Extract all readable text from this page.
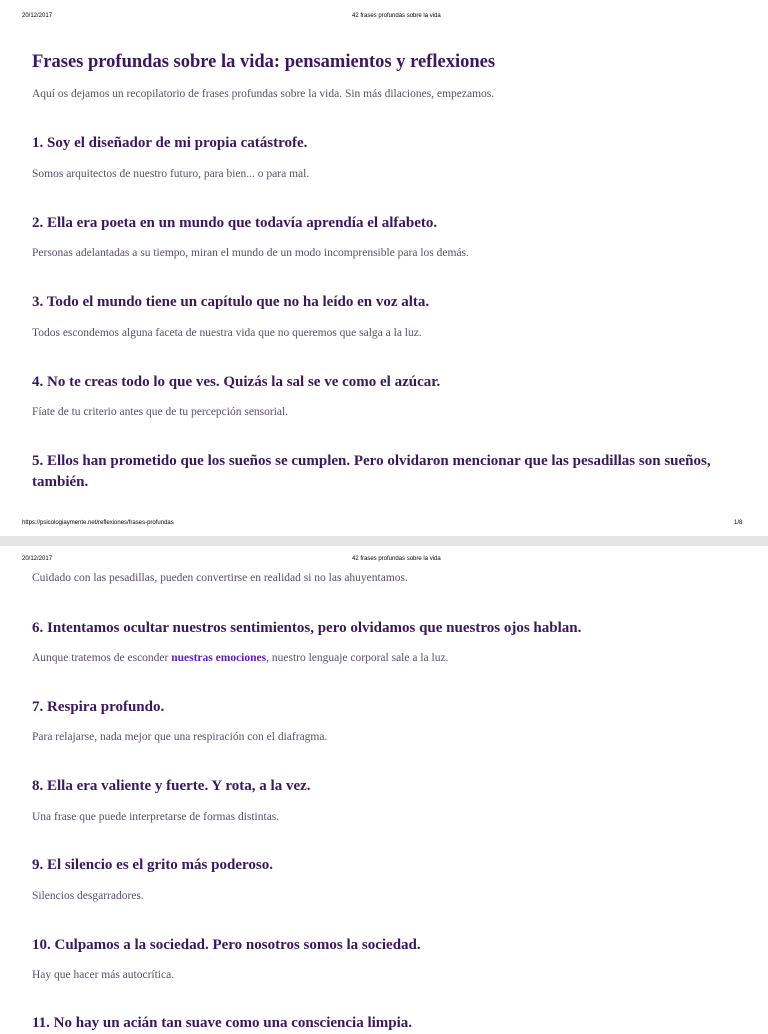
20/12/2017	42 frases profundas sobre la vida
Frases profundas sobre la vida: pensamientos y reflexiones

Aquí os dejamos un recopilatorio de frases profundas sobre la vida. Sin más dilaciones, empezamos.

1. Soy el diseñador de mi propia catástrofe.

Somos arquitectos de nuestro futuro, para bien... o para mal.

2. Ella era poeta en un mundo que todavía aprendía el alfabeto.

Personas adelantadas a su tiempo, miran el mundo de un modo incomprensible para los demás.

3. Todo el mundo tiene un capítulo que no ha leído en voz alta.

Todos escondemos alguna faceta de nuestra vida que no queremos que salga a la luz.

4. No te creas todo lo que ves. Quizás la sal se ve como el azúcar.

Fíate de tu criterio antes que de tu percepción sensorial.

5. Ellos han prometido que los sueños se cumplen. Pero olvidaron mencionar que las pesadillas son sueños, también.
https://psicologiaymente.net/reflexiones/frases-profundas	1/8
20/12/2017	42 frases profundas sobre la vida

Cuidado con las pesadillas, pueden convertirse en realidad si no las ahuyentamos.

6. Intentamos ocultar nuestros sentimientos, pero olvidamos que nuestros ojos hablan.

Aunque tratemos de esconder nuestras emociones, nuestro lenguaje corporal sale a la luz.

7. Respira profundo.

Para relajarse, nada mejor que una respiración con el diafragma.

8. Ella era valiente y fuerte. Y rota, a la vez.

Una frase que puede interpretarse de formas distintas.

9. El silencio es el grito más poderoso.

Silencios desgarradores.

10. Culpamos a la sociedad. Pero nosotros somos la sociedad.

Hay que hacer más autocrítica.

11. No hay un acián tan suave como una consciencia limpia.
